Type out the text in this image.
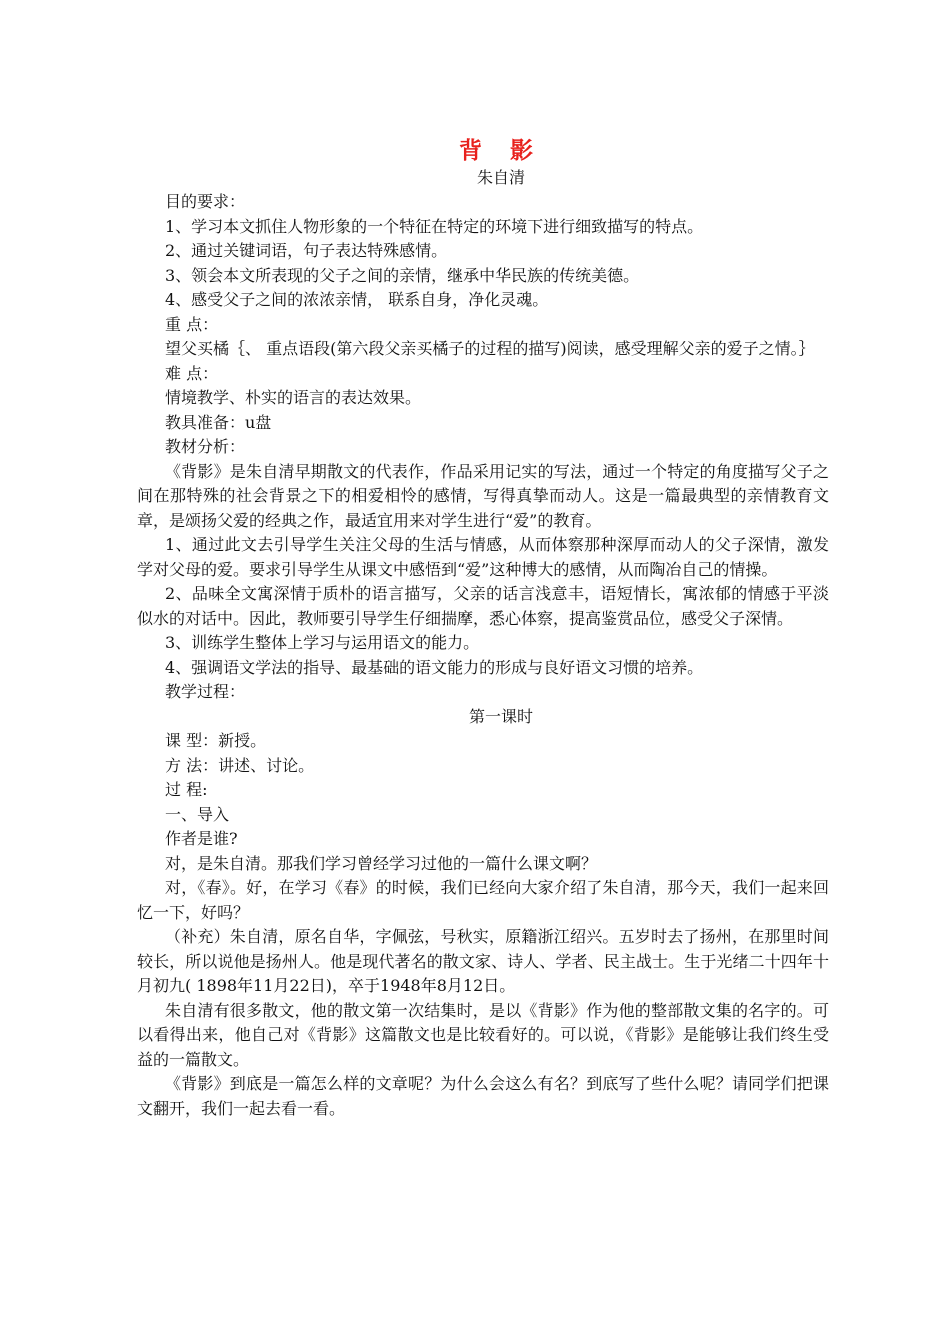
背 影
朱自清

目的要求：

1、学习本文抓住人物形象的一个特征在特定的环境下进行细致描写的特点。

2、通过关键词语，句子表达特殊感情。

3、领会本文所表现的父子之间的亲情，继承中华民族的传统美德。

4、感受父子之间的浓浓亲情， 联系自身，净化灵魂。

重 点：

望父买橘｛、 重点语段(第六段父亲买橘子的过程的描写)阅读，感受理解父亲的爱子之情。｝

难 点：

情境教学、朴实的语言的表达效果。

教具准备：u盘

教材分析：

《背影》是朱自清早期散文的代表作，作品采用记实的写法，通过一个特定的角度描写父子之间在那特殊的社会背景之下的相爱相怜的感情，写得真挚而动人。这是一篇最典型的亲情教育文章，是颂扬父爱的经典之作，最适宜用来对学生进行“爱”的教育。

1、通过此文去引导学生关注父母的生活与情感，从而体察那种深厚而动人的父子深情，激发学对父母的爱。要求引导学生从课文中感悟到“爱”这种博大的感情，从而陶冶自己的情操。

2、品味全文寓深情于质朴的语言描写，父亲的话言浅意丰，语短情长，寓浓郁的情感于平淡似水的对话中。因此，教师要引导学生仔细揣摩，悉心体察，提高鉴赏品位，感受父子深情。

3、训练学生整体上学习与运用语文的能力。

4、强调语文学法的指导、最基础的语文能力的形成与良好语文习惯的培养。

教学过程：

第一课时

课 型：新授。

方 法：讲述、讨论。

过 程:

一、导入

作者是谁?

对，是朱自清。那我们学习曾经学习过他的一篇什么课文啊？

对，《春》。好，在学习《春》的时候，我们已经向大家介绍了朱自清，那今天，我们一起来回忆一下，好吗？

（补充）朱自清，原名自华，字佩弦，号秋实，原籍浙江绍兴。五岁时去了扬州，在那里时间较长，所以说他是扬州人。他是现代著名的散文家、诗人、学者、民主战士。生于光绪二十四年十月初九( 1898年11月22日)，卒于1948年8月12日。

朱自清有很多散文，他的散文第一次结集时，是以《背影》作为他的整部散文集的名字的。可以看得出来，他自己对《背影》这篇散文也是比较看好的。可以说，《背影》是能够让我们终生受益的一篇散文。

《背影》到底是一篇怎么样的文章呢？为什么会这么有名？到底写了些什么呢？请同学们把课文翻开，我们一起去看一看。
